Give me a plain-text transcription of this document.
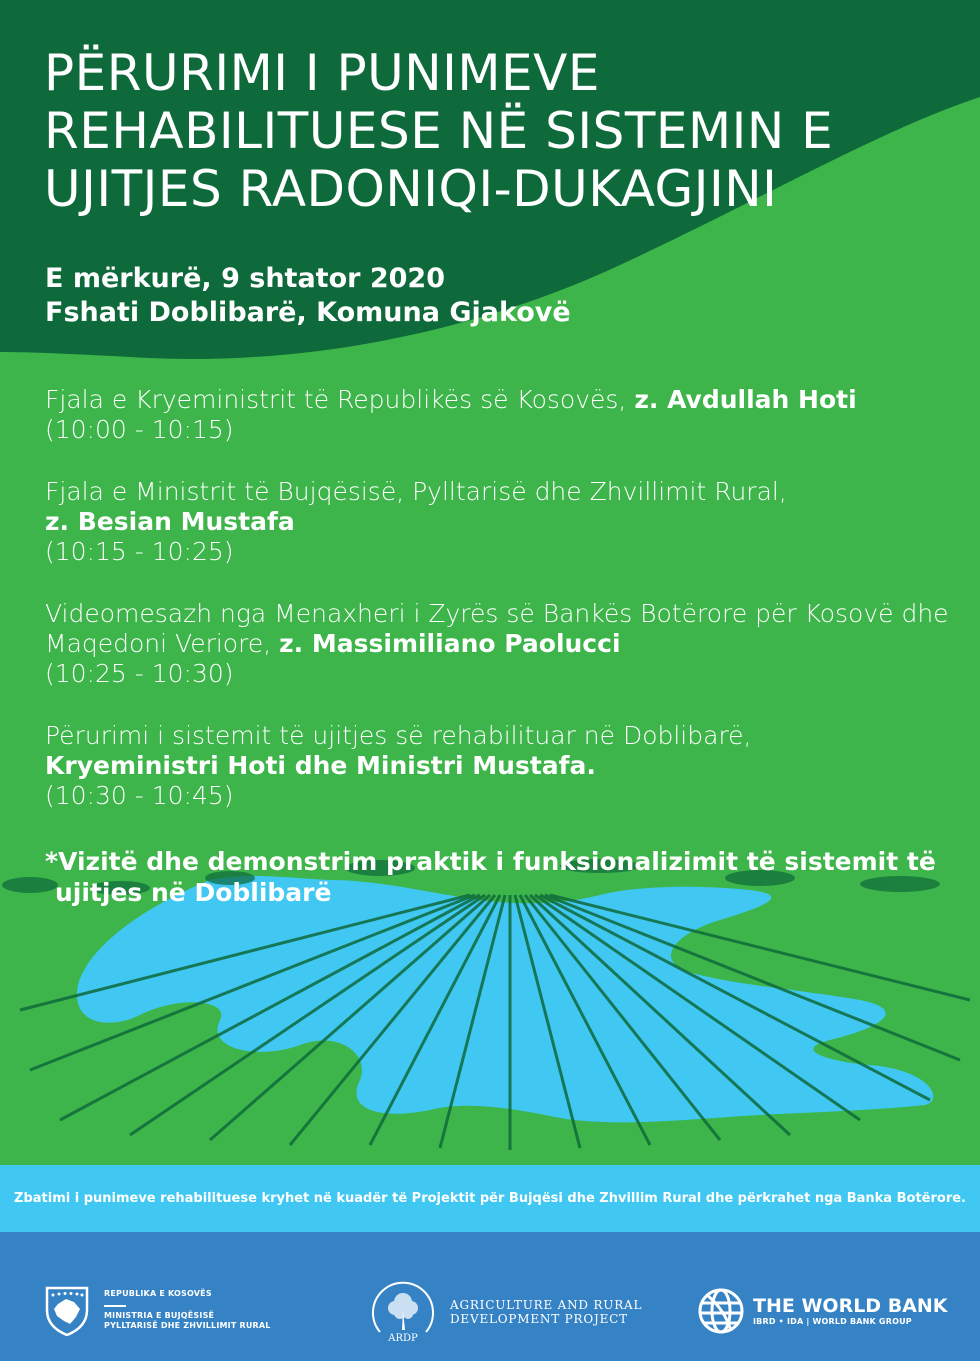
PËRURIMI I PUNIMEVE
REHABILITUESE NË SISTEMIN E
UJITJES RADONIQI-DUKAGJINI
E mërkurë, 9 shtator 2020
Fshati Doblibarë, Komuna Gjakovë
Fjala e Kryeministrit të Republikës së Kosovës, z. Avdullah Hoti
(10:00 - 10:15)
Fjala e Ministrit të Bujqësisë, Pylltarisë dhe Zhvillimit Rural,
z. Besian Mustafa
(10:15 - 10:25)
Videomesazh nga Menaxheri i Zyrës së Bankës Botërore për Kosovë dhe Maqedoni Veriore, z. Massimiliano Paolucci
(10:25 - 10:30)
Përurimi i sistemit të ujitjes së rehabilituar në Doblibarë,
Kryeministri Hoti dhe Ministri Mustafa.
(10:30 - 10:45)
*Vizitë dhe demonstrim praktik i funksionalizimit të sistemit të
ujitjes në Doblibarë
Zbatimi i punimeve rehabilituese kryhet në kuadër të Projektit për Bujqësi dhe Zhvillim Rural dhe përkrahet nga Banka Botërore.
REPUBLIKA E KOSOVËS
MINISTRIA E BUJQËSISË
PYLLTARISË DHE ZHVILLIMIT RURAL
ARDP
AGRICULTURE AND RURAL
DEVELOPMENT PROJECT
THE WORLD BANK
IBRD • IDA | WORLD BANK GROUP
